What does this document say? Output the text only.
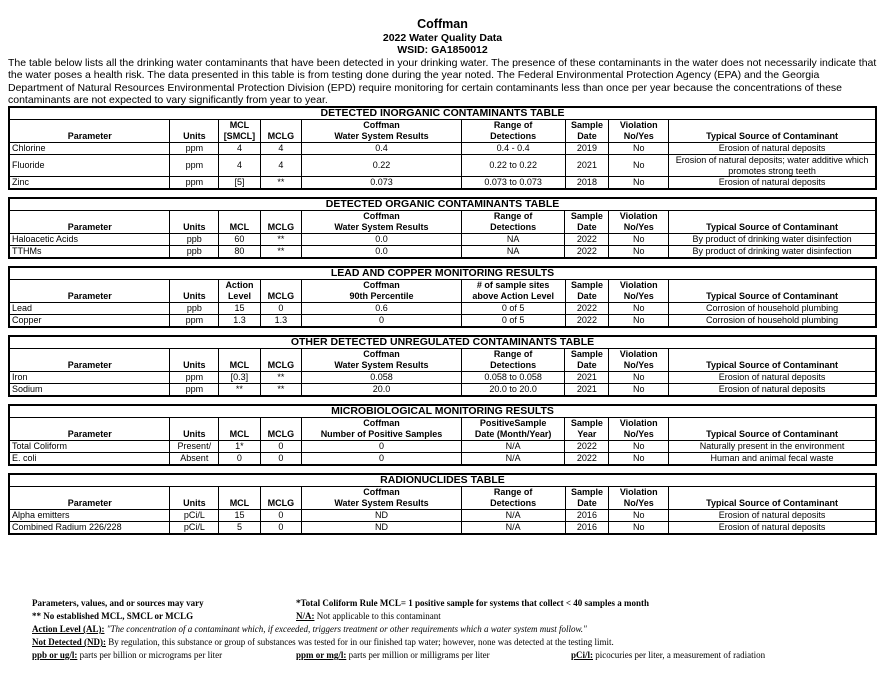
Coffman
2022 Water Quality Data
WSID: GA1850012
The table below lists all the drinking water contaminants that have been detected in your drinking water. The presence of these contaminants in the water does not necessarily indicate that the water poses a health risk. The data presented in this table is from testing done during the year noted. The Federal Environmental Protection Agency (EPA) and the Georgia Department of Natural Resources Environmental Protection Division (EPD) require monitoring for certain contaminants less than once per year because the concentrations of these contaminants are not expected to vary significantly from year to year.
DETECTED INORGANIC CONTAMINANTS TABLE								
		MCL		Coffman	Range of	Sample	Violation	
Parameter	Units	[SMCL]	MCLG	Water System Results	Detections	Date	No/Yes	Typical Source of Contaminant
Chlorine	ppm	4	4	0.4	0.4 - 0.4	2019	No	Erosion of natural deposits
Fluoride	ppm	4	4	0.22	0.22 to 0.22	2021	No	Erosion of natural deposits; water additive which promotes strong teeth
Zinc	ppm	[5]	**	0.073	0.073 to 0.073	2018	No	Erosion of natural deposits
DETECTED ORGANIC CONTAMINANTS TABLE								
				Coffman	Range of	Sample	Violation	
Parameter	Units	MCL	MCLG	Water System Results	Detections	Date	No/Yes	Typical Source of Contaminant
Haloacetic Acids	ppb	60	**	0.0	NA	2022	No	By product of drinking water disinfection
TTHMs	ppb	80	**	0.0	NA	2022	No	By product of drinking water disinfection
LEAD AND COPPER MONITORING RESULTS								
		Action		Coffman	# of sample sites	Sample	Violation	
Parameter	Units	Level	MCLG	90th Percentile	above Action Level	Date	No/Yes	Typical Source of Contaminant
Lead	ppb	15	0	0.6	0 of 5	2022	No	Corrosion of household plumbing
Copper	ppm	1.3	1.3	0	0 of 5	2022	No	Corrosion of household plumbing
OTHER DETECTED UNREGULATED CONTAMINANTS TABLE								
				Coffman	Range of	Sample	Violation	
Parameter	Units	MCL	MCLG	Water System Results	Detections	Date	No/Yes	Typical Source of Contaminant
Iron	ppm	[0.3]	**	0.058	0.058 to 0.058	2021	No	Erosion of natural deposits
Sodium	ppm	**	**	20.0	20.0 to 20.0	2021	No	Erosion of natural deposits
MICROBIOLOGICAL MONITORING RESULTS								
				Coffman	PositiveSample	Sample	Violation	
Parameter	Units	MCL	MCLG	Number of Positive Samples	Date (Month/Year)	Year	No/Yes	Typical Source of Contaminant
Total Coliform	Present/	1*	0	0	N/A	2022	No	Naturally present in the environment
E. coli	Absent	0	0	0	N/A	2022	No	Human and animal fecal waste
RADIONUCLIDES TABLE								
				Coffman	Range of	Sample	Violation	
Parameter	Units	MCL	MCLG	Water System Results	Detections	Date	No/Yes	Typical Source of Contaminant
Alpha emitters	pCi/L	15	0	ND	N/A	2016	No	Erosion of natural deposits
Combined Radium 226/228	pCi/L	5	0	ND	N/A	2016	No	Erosion of natural deposits
Parameters, values, and or sources may vary	*Total Coliform Rule MCL= 1 positive sample for systems that collect < 40 samples a month
** No established MCL, SMCL or MCLG	N/A: Not applicable to this contaminant
Action Level (AL): "The concentration of a contaminant which, if exceeded, triggers treatment or other requirements which a water system must follow."
Not Detected (ND): By regulation, this substance or group of substances was tested for in our finished tap water; however, none was detected at the testing limit.
ppb or ug/l: parts per billion or micrograms per liter	ppm or mg/l: parts per million or milligrams per liter	pCi/l: picocuries per liter, a measurement of radiation
